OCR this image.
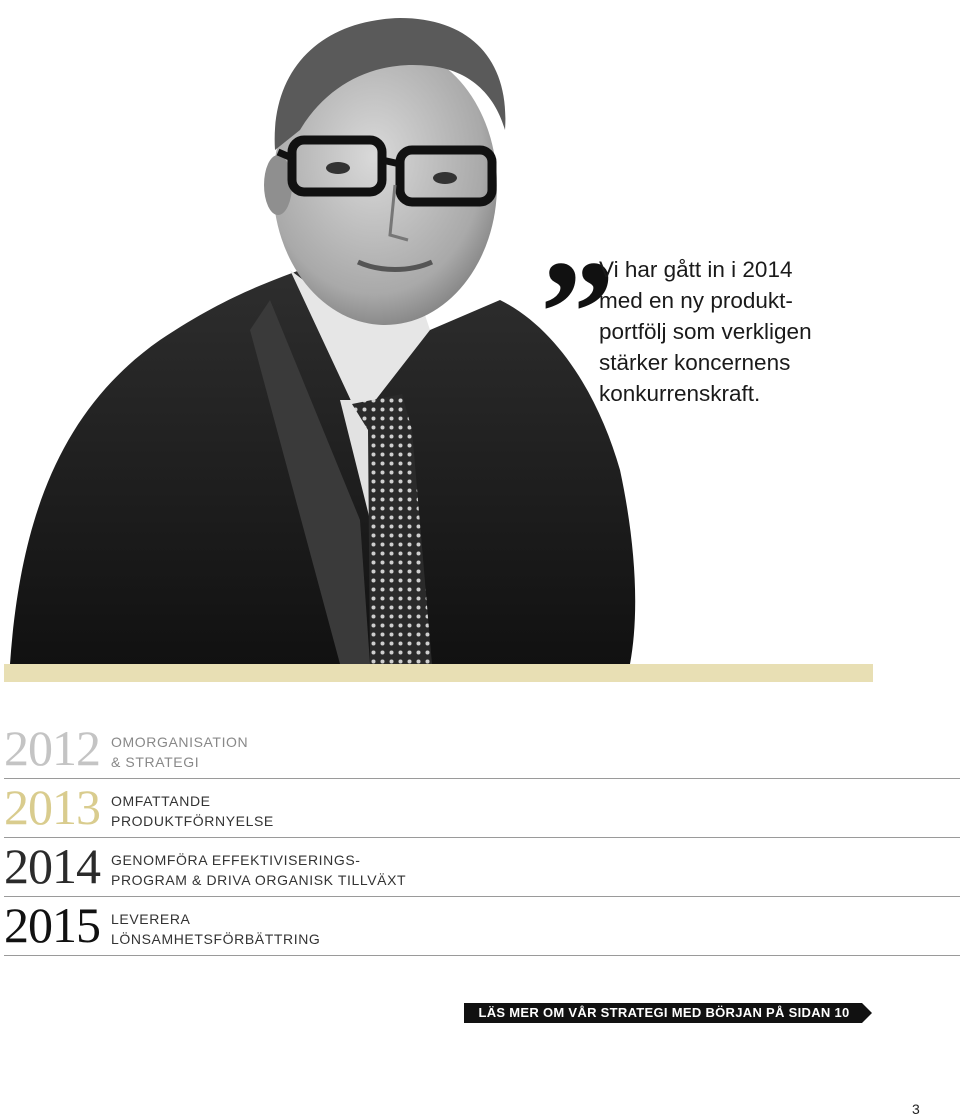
”
Vi har gått in i 2014
med en ny produkt-
portfölj som verkligen
stärker koncernens
konkurrenskraft.
2012 OMORGANISATION
& STRATEGI
2013 OMFATTANDE
PRODUKTFÖRNYELSE
2014 GENOMFÖRA EFFEKTIVISERINGS-
PROGRAM & DRIVA ORGANISK TILLVÄXT
2015 LEVERERA
LÖNSAMHETSFÖRBÄTTRING
LÄS MER OM VÅR STRATEGI MED BÖRJAN PÅ SIDAN 10
3
